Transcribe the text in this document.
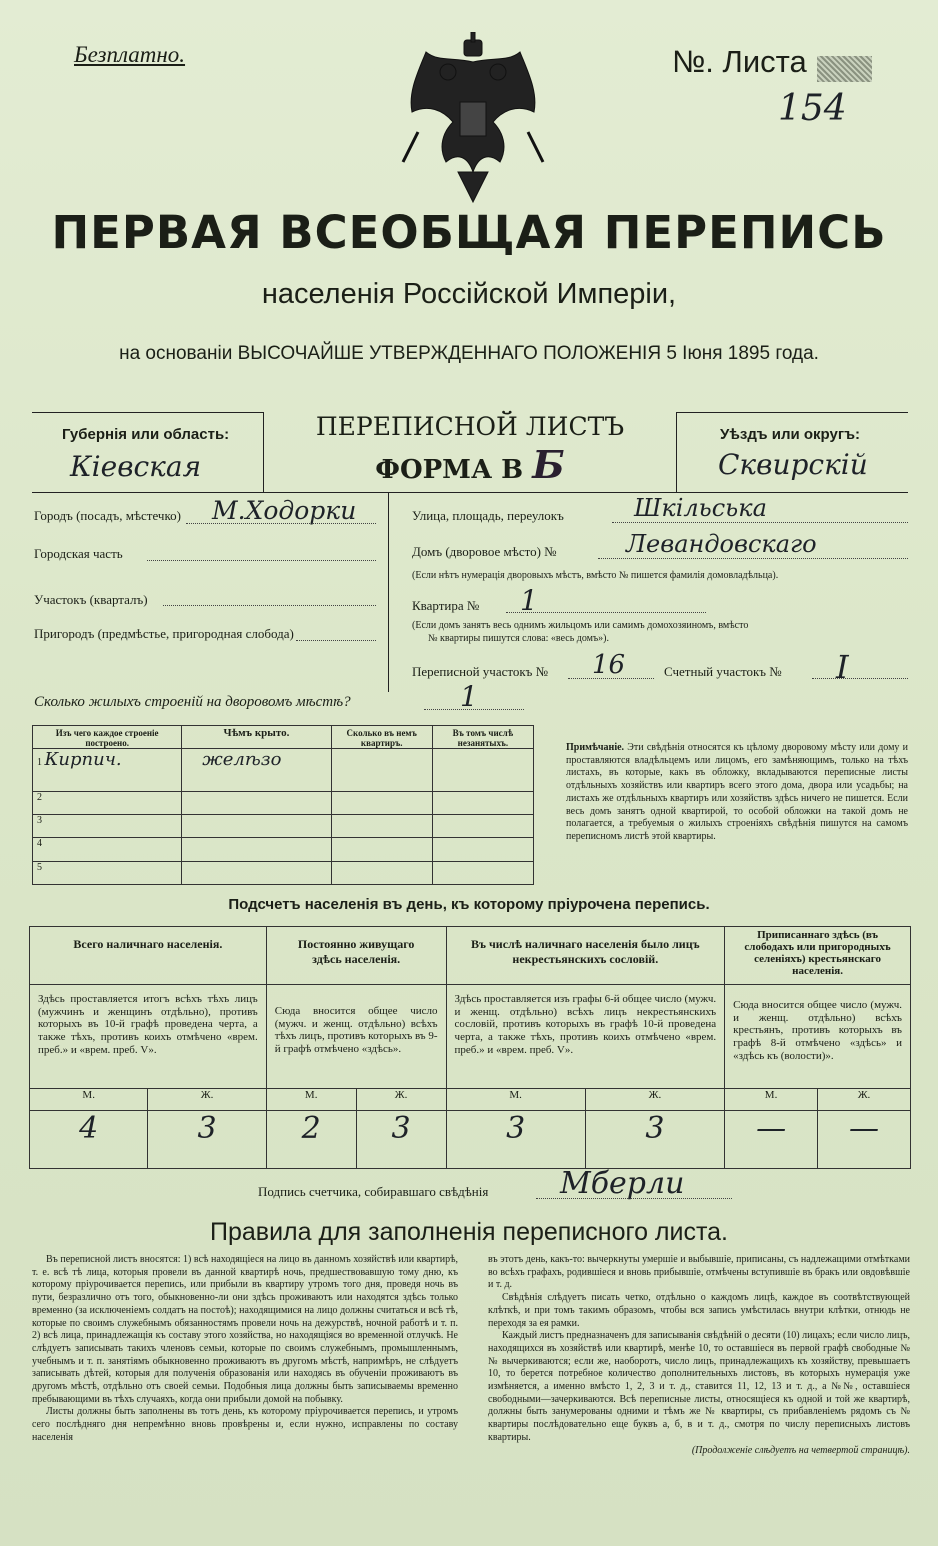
Безплатно.	№. Листа
154
ПЕРВАЯ ВСЕОБЩАЯ ПЕРЕПИСЬ
населенія Россійской Имперіи,
на основаніи ВЫСОЧАЙШЕ УТВЕРЖДЕННАГО ПОЛОЖЕНІЯ 5 Іюня 1895 года.
Губернія или область:
Кіевская
ПЕРЕПИСНОЙ ЛИСТЪ
ФОРМА В Б
Уѣздъ или округъ:
Сквирскій
Городъ (посадъ, мѣстечко) М.Ходорки
Городская часть
Участокъ (кварталъ)
Пригородъ (предмѣстье, пригородная слобода)
Улица, площадь, переулокъ	Шкільська
Домъ (дворовое мѣсто) №	Левандовскаго
(Если нѣтъ нумерація дворовыхъ мѣстъ, вмѣсто № пишется фамилія домовладѣльца).
Квартира № 1
(Если домъ занятъ весь однимъ жильцомъ или самимъ домохозяиномъ, вмѣсто
№ квартиры пишутся слова: «весь домъ»).
Переписной участокъ № 16	Счетный участокъ № I
Сколько жилыхъ строеній на дворовомъ мѣстѣ?	1
Изъ чего каждое строеніе построено.	Чѣмъ крыто.	Сколько въ немъ квартиръ.	Въ томъ числѣ незанятыхъ.
1 Кирпич.	желѣзо		
2			
3			
4			
5			
Примѣчаніе. Эти свѣдѣнія относятся къ цѣлому дворовому мѣсту или дому и проставляются владѣльцемъ или лицомъ, его замѣняющимъ, только на тѣхъ листахъ, въ которые, какъ въ обложку, вкладываются переписные листы отдѣльныхъ хозяйствъ или квартиръ всего этого дома, двора или усадьбы; на листахъ же отдѣльныхъ квартиръ или хозяйствъ здѣсь ничего не пишется. Если весь домъ занятъ одной квартирой, то особой обложки на такой домъ не полагается, а требуемыя о жилыхъ строеніяхъ свѣдѣнія пишутся на самомъ переписномъ листѣ этой квартиры.
Подсчетъ населенія въ день, къ которому пріурочена перепись.
Всего наличнаго населенія.		Постоянно живущаго здѣсь населенія.		Въ числѣ наличнаго населенія было лицъ некрестьянскихъ сословій.		Приписаннаго здѣсь (въ слободахъ или пригородныхъ селеніяхъ) крестьянскаго населенія.	
Здѣсь проставляется итогъ всѣхъ тѣхъ лицъ (мужчинъ и женщинъ отдѣльно), противъ которыхъ въ 10-й графѣ проведена черта, а также тѣхъ, противъ коихъ отмѣчено «врем. преб.» и «врем. преб. V».		Сюда вносится общее число (мужч. и женщ. отдѣльно) всѣхъ тѣхъ лицъ, противъ которыхъ въ 9-й графѣ отмѣчено «здѣсь».		Здѣсь проставляется изъ графы 6-й общее число (мужч. и женщ. отдѣльно) всѣхъ лицъ некрестьянскихъ сословій, противъ которыхъ въ графѣ 10-й проведена черта, а также тѣхъ, противъ коихъ отмѣчено «врем. преб.» и «врем. преб. V».		Сюда вносится общее число (мужч. и женщ. отдѣльно) всѣхъ крестьянъ, противъ которыхъ въ графѣ 8-й отмѣчено «здѣсь» и «здѣсь къ (волости)».	
М.	Ж.	М.	Ж.	М.	Ж.	М.	Ж.
4	3	2	3	3	3	—	—
Подпись счетчика, собиравшаго свѣдѣнія Мберли
Правила для заполненія переписного листа.

Въ переписной листъ вносятся: 1) всѣ находящіеся на лицо въ данномъ хозяйствѣ или квартирѣ, т. е. всѣ тѣ лица, которыя провели въ данной квартирѣ ночь, предшествовавшую тому дню, къ которому пріурочивается перепись, или прибыли въ квартиру утромъ того дня, проведя ночь въ пути, безразлично отъ того, обыкновенно-ли они здѣсь проживаютъ или находятся здѣсь только временно (за исключеніемъ солдатъ на постоѣ); находящимися на лицо должны считаться и всѣ тѣ, которые по своимъ служебнымъ обязанностямъ провели ночь на дежурствѣ, ночной работѣ и т. п. 2) всѣ лица, принадлежащія къ составу этого хозяйства, но находящіяся во временной отлучкѣ. Не слѣдуетъ записывать такихъ членовъ семьи, которые по своимъ служебнымъ, промышленнымъ, учебнымъ и т. п. занятіямъ обыкновенно проживаютъ въ другомъ мѣстѣ, напримѣръ, не слѣдуетъ записывать дѣтей, которыя для полученія образованія или находясь въ обученіи проживаютъ въ другомъ мѣстѣ, отдѣльно отъ своей семьи. Подобныя лица должны быть записываемы временно пребывающими въ тѣхъ случаяхъ, когда они прибыли домой на побывку.

Листы должны быть заполнены въ тотъ день, къ которому пріурочивается перепись, и утромъ сего послѣдняго дня непремѣнно вновь провѣрены и, если нужно, исправлены по составу населенія

въ этотъ день, какъ-то: вычеркнуты умершіе и выбывшіе, приписаны, съ надлежащими отмѣтками во всѣхъ графахъ, родившіеся и вновь прибывшіе, отмѣчены вступившіе въ бракъ или овдовѣвшіе и т. д.

Свѣдѣнія слѣдуетъ писать четко, отдѣльно о каждомъ лицѣ, каждое въ соотвѣтствующей клѣткѣ, и при томъ такимъ образомъ, чтобы вся запись умѣстилась внутри клѣтки, отнюдь не переходя за ея рамки.

Каждый листъ предназначенъ для записыванія свѣдѣній о десяти (10) лицахъ; если число лицъ, находящихся въ хозяйствѣ или квартирѣ, менѣе 10, то оставшіеся въ первой графѣ свободные №№ вычеркиваются; если же, наоборотъ, число лицъ, принадлежащихъ къ хозяйству, превышаетъ 10, то берется потребное количество дополнительныхъ листовъ, въ которыхъ нумерація ужe измѣняется, а именно вмѣсто 1, 2, 3 и т. д., ставится 11, 12, 13 и т. д., а №№, оставшіеся свободными—зачеркиваются. Всѣ переписные листы, относящіеся къ одной и той же квартирѣ, должны быть занумерованы одними и тѣмъ же № квартиры, съ прибавленіемъ рядомъ съ № квартиры послѣдовательно еще буквъ а, б, в и т. д., смотря по числу переписныхъ листовъ квартиры.

(Продолженіе слѣдуетъ на четвертой страницѣ).
